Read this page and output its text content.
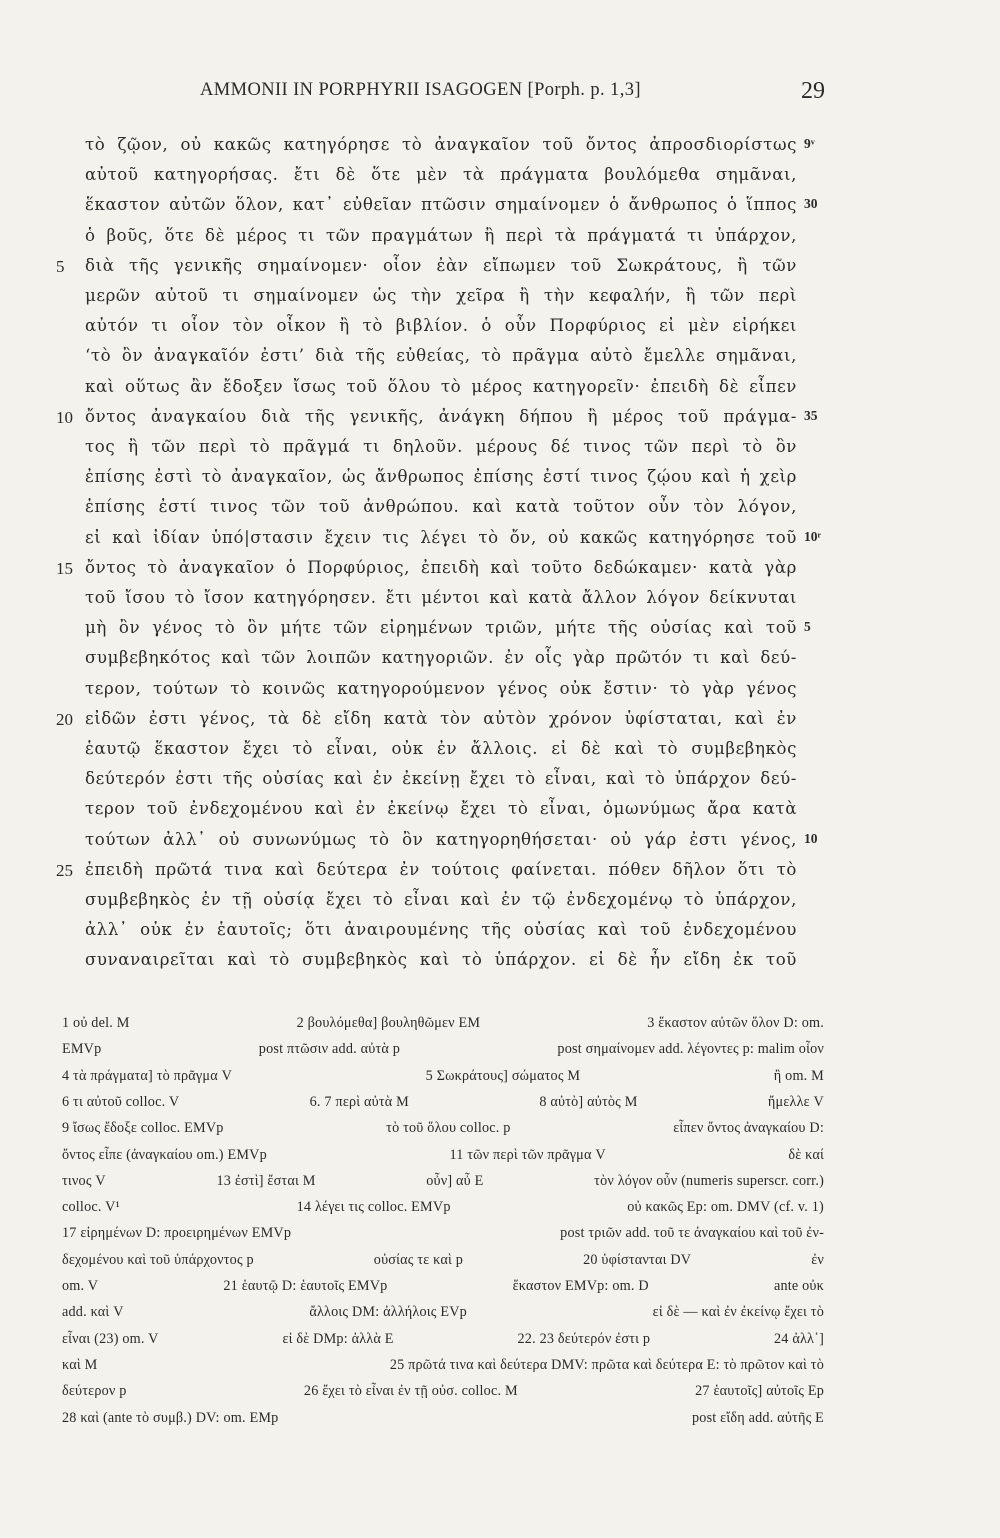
AMMONII IN PORPHYRII ISAGOGEN [Porph. p. 1,3]	29
τὸ ζῷον, οὐ κακῶς κατηγόρησε τὸ ἀναγκαῖον τοῦ ὄντος ἀπροσδιορίστως 9ᵛ
αὐτοῦ κατηγορήσας. ἔτι δὲ ὅτε μὲν τὰ πράγματα βουλόμεθα σημᾶναι,
ἕκαστον αὐτῶν ὅλον, κατ᾽ εὐθεῖαν πτῶσιν σημαίνομεν ὁ ἄνθρωπος ὁ ἵππος 30
ὁ βοῦς, ὅτε δὲ μέρος τι τῶν πραγμάτων ἢ περὶ τὰ πράγματά τι ὑπάρχον,
διὰ τῆς γενικῆς σημαίνομεν· οἷον ἐὰν εἴπωμεν τοῦ Σωκράτους, ἢ τῶν
5
μερῶν αὐτοῦ τι σημαίνομεν ὡς τὴν χεῖρα ἢ τὴν κεφαλήν, ἢ τῶν περὶ
αὐτόν τι οἷον τὸν οἶκον ἢ τὸ βιβλίον. ὁ οὖν Πορφύριος εἰ μὲν εἰρήκει
‘τὸ ὂν ἀναγκαῖόν ἐστι’ διὰ τῆς εὐθείας, τὸ πρᾶγμα αὐτὸ ἔμελλε σημᾶναι,
καὶ οὕτως ἂν ἔδοξεν ἴσως τοῦ ὅλου τὸ μέρος κατηγορεῖν· ἐπειδὴ δὲ εἶπεν
ὄντος ἀναγκαίου διὰ τῆς γενικῆς, ἀνάγκη δήπου ἢ μέρος τοῦ πράγμα-
10	35
τος ἢ τῶν περὶ τὸ πρᾶγμά τι δηλοῦν. μέρους δέ τινος τῶν περὶ τὸ ὂν
ἐπίσης ἐστὶ τὸ ἀναγκαῖον, ὡς ἄνθρωπος ἐπίσης ἐστί τινος ζῴου καὶ ἡ χεὶρ
ἐπίσης ἐστί τινος τῶν τοῦ ἀνθρώπου. καὶ κατὰ τοῦτον οὖν τὸν λόγον,
εἰ καὶ ἰδίαν ὑπό|στασιν ἔχειν τις λέγει τὸ ὄν, οὐ κακῶς κατηγόρησε τοῦ 10ʳ
ὄντος τὸ ἀναγκαῖον ὁ Πορφύριος, ἐπειδὴ καὶ τοῦτο δεδώκαμεν· κατὰ γὰρ
15
τοῦ ἴσου τὸ ἴσον κατηγόρησεν. ἔτι μέντοι καὶ κατὰ ἄλλον λόγον δείκνυται
μὴ ὂν γένος τὸ ὂν μήτε τῶν εἰρημένων τριῶν, μήτε τῆς οὐσίας καὶ τοῦ 5
συμβεβηκότος καὶ τῶν λοιπῶν κατηγοριῶν. ἐν οἷς γὰρ πρῶτόν τι καὶ δεύ-
τερον, τούτων τὸ κοινῶς κατηγορούμενον γένος οὐκ ἔστιν· τὸ γὰρ γένος
εἰδῶν ἐστι γένος, τὰ δὲ εἴδη κατὰ τὸν αὐτὸν χρόνον ὑφίσταται, καὶ ἐν
20
ἑαυτῷ ἕκαστον ἔχει τὸ εἶναι, οὐκ ἐν ἄλλοις. εἰ δὲ καὶ τὸ συμβεβηκὸς
δεύτερόν ἐστι τῆς οὐσίας καὶ ἐν ἐκείνῃ ἔχει τὸ εἶναι, καὶ τὸ ὑπάρχον δεύ-
τερον τοῦ ἐνδεχομένου καὶ ἐν ἐκείνῳ ἔχει τὸ εἶναι, ὁμωνύμως ἄρα κατὰ
τούτων ἀλλ᾽ οὐ συνωνύμως τὸ ὂν κατηγορηθήσεται· οὐ γάρ ἐστι γένος, 10
ἐπειδὴ πρῶτά τινα καὶ δεύτερα ἐν τούτοις φαίνεται. πόθεν δῆλον ὅτι τὸ
25
συμβεβηκὸς ἐν τῇ οὐσίᾳ ἔχει τὸ εἶναι καὶ ἐν τῷ ἐνδεχομένῳ τὸ ὑπάρχον,
ἀλλ᾽ οὐκ ἐν ἑαυτοῖς; ὅτι ἀναιρουμένης τῆς οὐσίας καὶ τοῦ ἐνδεχομένου
συναναιρεῖται καὶ τὸ συμβεβηκὸς καὶ τὸ ὑπάρχον. εἰ δὲ ἦν εἴδη ἐκ τοῦ
1 οὐ del. M	2 βουλόμεθα] βουληθῶμεν EM	3 ἕκαστον αὐτῶν ὅλον D: om.
EMVp	post πτῶσιν add. αὐτὰ p	post σημαίνομεν add. λέγοντες p: malim οἷον
4 τὰ πράγματα] τὸ πρᾶγμα V	5 Σωκράτους] σώματος M	ἢ om. M
6 τι αὐτοῦ colloc. V	6. 7 περὶ αὐτὰ M	8 αὐτὸ] αὐτὸς M	ἤμελλε V
9 ἴσως ἔδοξε colloc. EMVp	τὸ τοῦ ὅλου colloc. p	εἶπεν ὄντος ἀναγκαίου D:
ὄντος εἶπε (ἀναγκαίου om.) EMVp	11 τῶν περὶ τῶν πρᾶγμα V	δὲ καί
τινος V	13 ἐστὶ] ἔσται M	οὖν] αὖ E	τὸν λόγον οὖν (numeris superscr. corr.)
colloc. V¹	14 λέγει τις colloc. EMVp	οὐ κακῶς Ep: om. DMV (cf. v. 1)
17 εἰρημένων D: προειρημένων EMVp	post τριῶν add. τοῦ τε ἀναγκαίου καὶ τοῦ ἐν-
δεχομένου καὶ τοῦ ὑπάρχοντος p	οὐσίας τε καὶ p	20 ὑφίστανται DV	ἐν
om. V	21 ἑαυτῷ D: ἑαυτοῖς EMVp	ἕκαστον EMVp: om. D	ante οὐκ
add. καὶ V	ἄλλοις DM: ἀλλήλοις EVp	εἰ δὲ — καὶ ἐν ἐκείνῳ ἔχει τὸ
εἶναι (23) om. V	εἰ δὲ DMp: ἀλλὰ E	22. 23 δεύτερόν ἐστι p	24 ἀλλ᾽]
καὶ M	25 πρῶτά τινα καὶ δεύτερα DMV: πρῶτα καὶ δεύτερα E: τὸ πρῶτον καὶ τὸ
δεύτερον p	26 ἔχει τὸ εἶναι ἐν τῇ οὐσ. colloc. M	27 ἑαυτοῖς] αὐτοῖς Ep
28 καὶ (ante τὸ συμβ.) DV: om. EMp	post εἴδη add. αὐτῆς E
